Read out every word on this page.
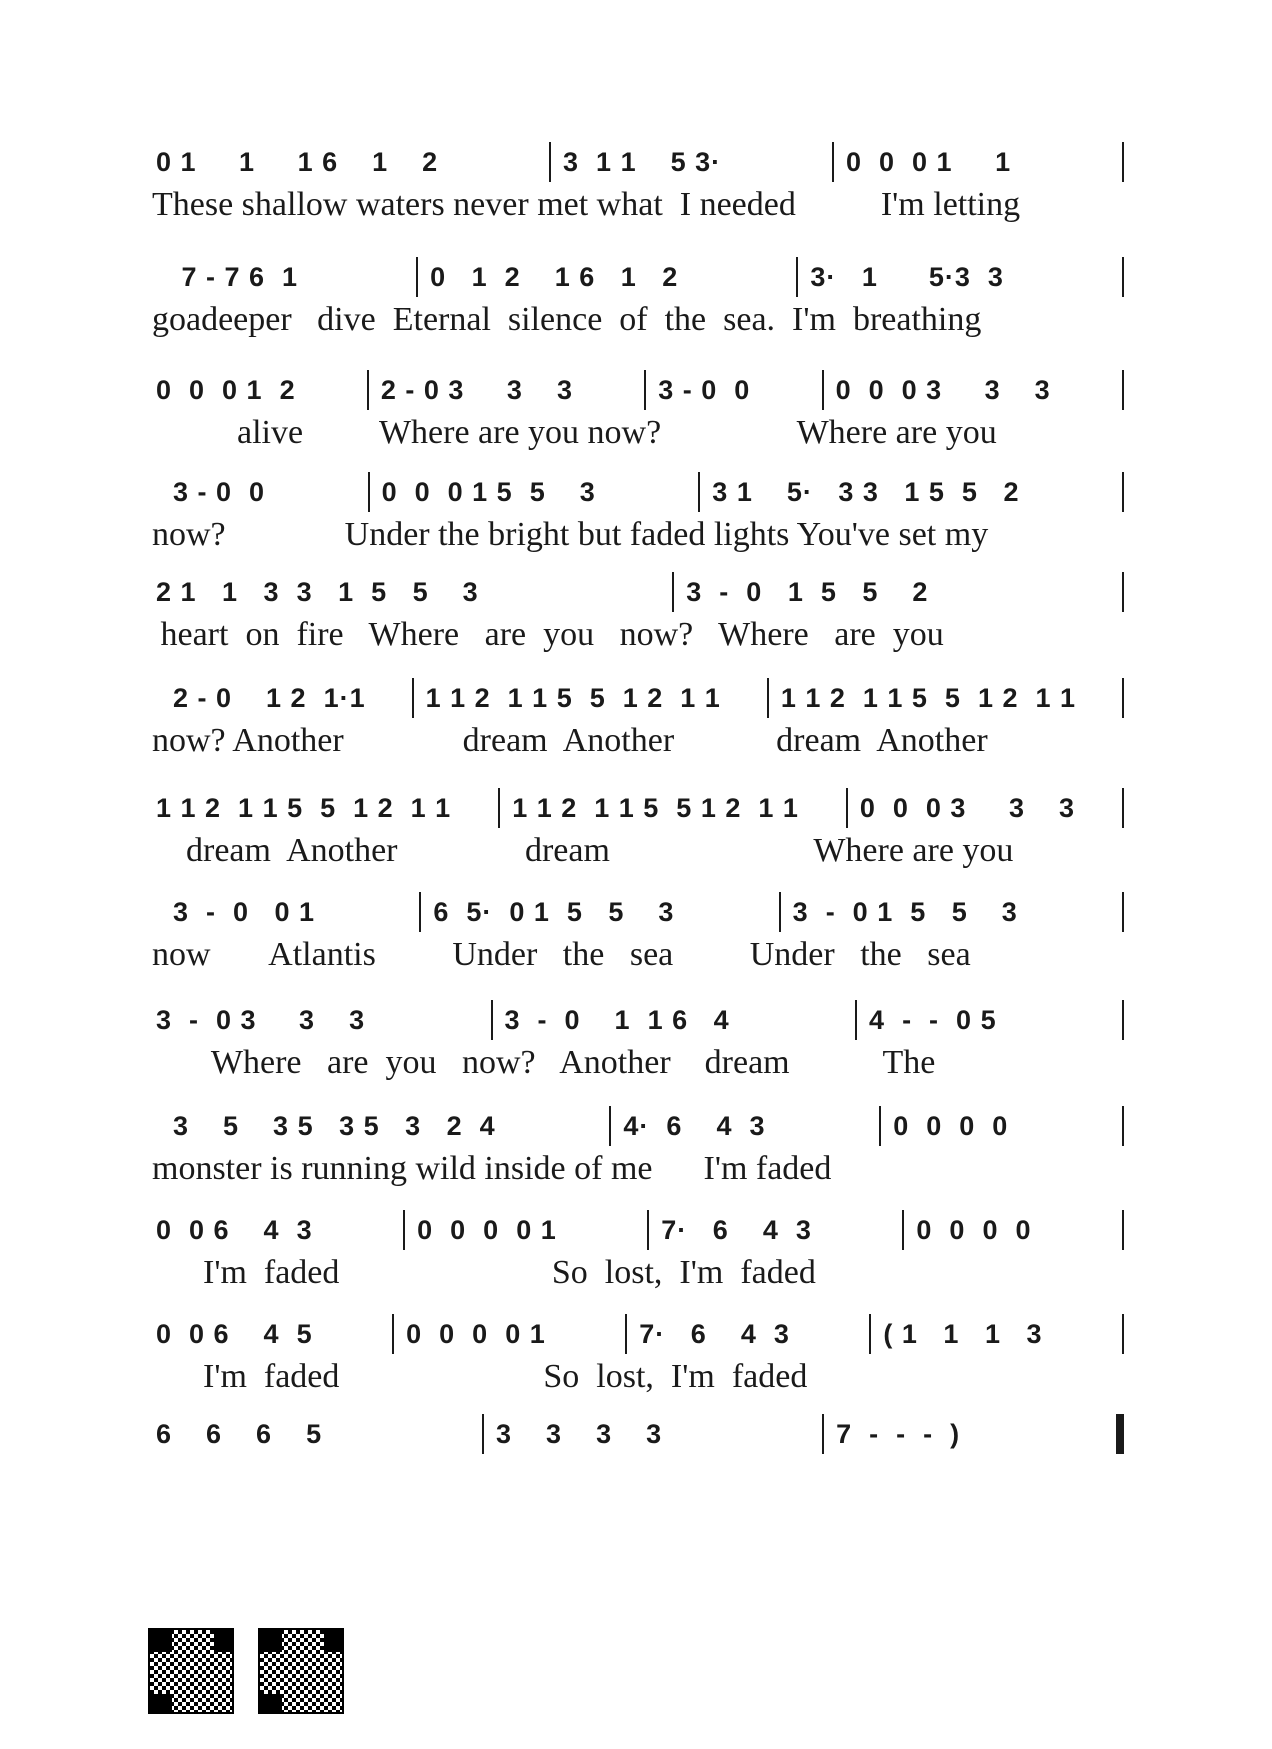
0 1     1     1 6    1    2	3  1 1    5 3·	0  0  0 1     1
These shallow waters never met what  I needed          I'm letting
7 - 7 6  1	0   1  2    1 6   1   2	3·   1      5·3  3
goadeeper   dive  Eternal  silence  of  the  sea.  I'm  breathing
0  0  0 1  2	2 - 0 3     3    3	3 - 0  0	0  0  0 3     3    3
alive         Where are you now?                Where are you
3 - 0  0	0  0  0 1 5  5    3	3 1    5·   3 3   1 5  5   2
now?              Under the bright but faded lights You've set my
2 1   1   3  3   1  5   5    3	3  -  0   1  5   5    2
heart  on  fire   Where   are  you   now?   Where   are  you
2 - 0    1 2  1·1	1 1 2  1 1 5  5  1 2  1 1	1 1 2  1 1 5  5  1 2  1 1
now? Another              dream  Another            dream  Another
1 1 2  1 1 5  5  1 2  1 1	1 1 2  1 1 5  5 1 2  1 1	0  0  0 3     3    3
dream  Another               dream                        Where are you
3  -  0   0 1	6  5·  0 1  5   5    3	3  -  0 1  5   5    3
now       Atlantis         Under   the   sea         Under   the   sea
3  -  0 3     3    3	3  -  0    1  1 6   4	4  -  -  0 5
Where   are  you   now?   Another    dream           The
3    5    3 5   3 5   3   2  4	4·  6    4  3	0  0  0  0
monster is running wild inside of me      I'm faded
0  0 6    4  3	0  0  0  0 1	7·   6    4  3	0  0  0  0
I'm  faded                         So  lost,  I'm  faded
0  0 6    4  5	0  0  0  0 1	7·   6    4  3	( 1   1   1   3
I'm  faded                        So  lost,  I'm  faded
6    6    6    5	3    3    3    3	7  -  -  -  )
